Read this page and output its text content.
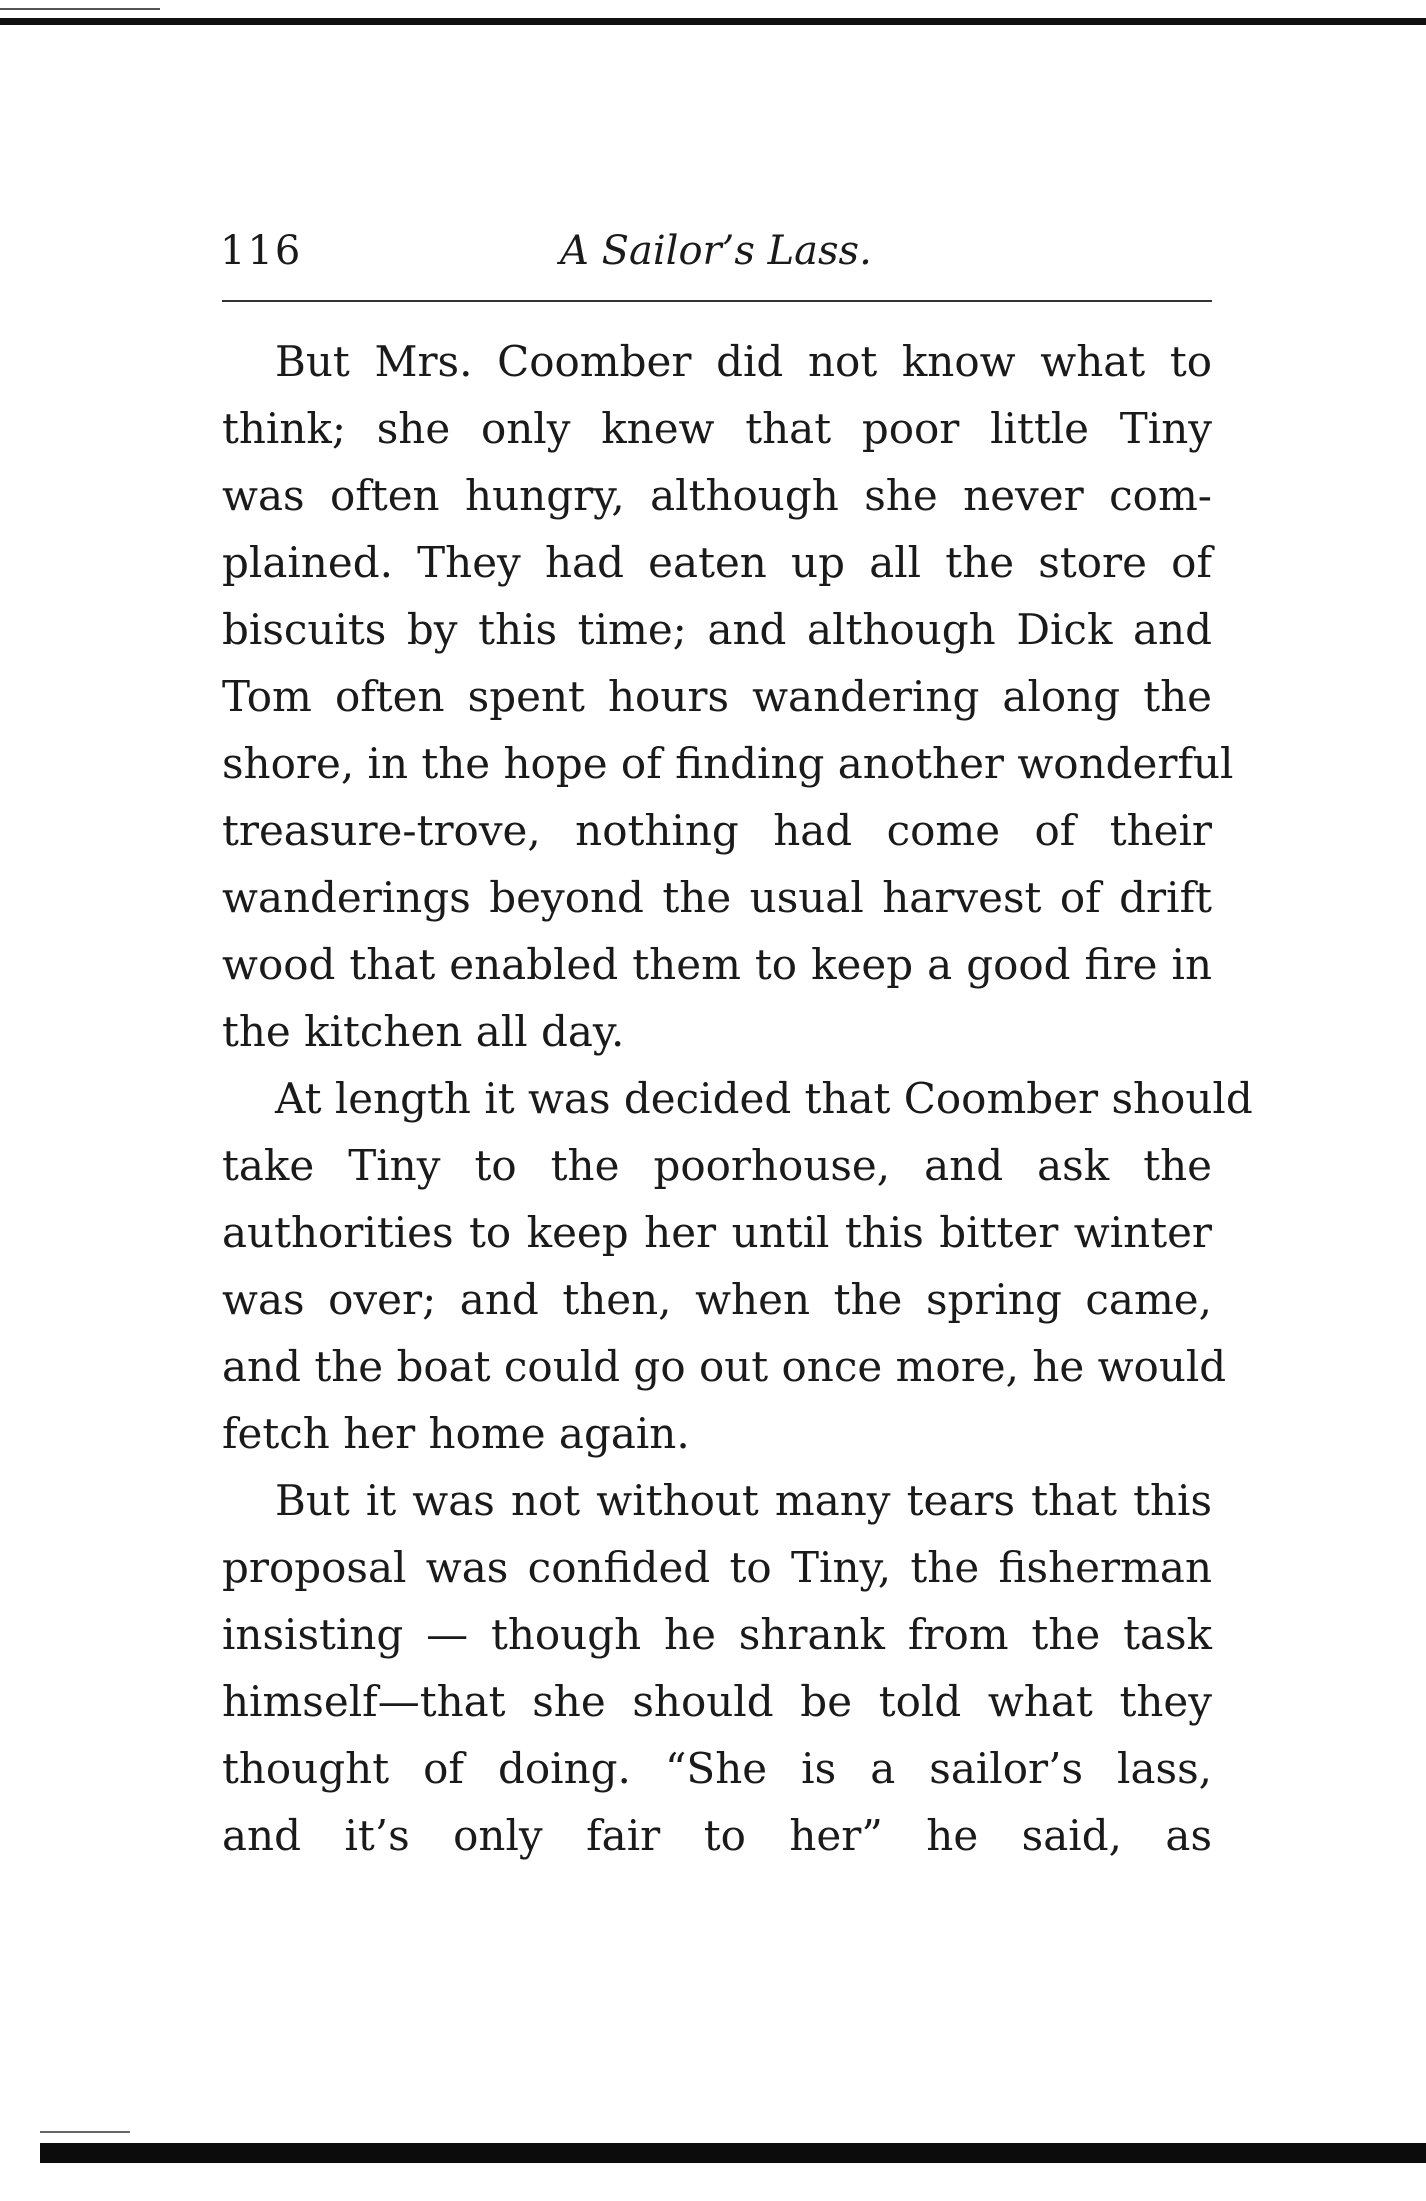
116	A Sailor’s Lass.
But Mrs. Coomber did not know what to
think; she only knew that poor little Tiny
was often hungry, although she never com-
plained. They had eaten up all the store of
biscuits by this time; and although Dick and
Tom often spent hours wandering along the
shore, in the hope of finding another wonderful
treasure-trove, nothing had come of their
wanderings beyond the usual harvest of drift
wood that enabled them to keep a good fire in
the kitchen all day.
At length it was decided that Coomber should
take Tiny to the poorhouse, and ask the
authorities to keep her until this bitter winter
was over; and then, when the spring came,
and the boat could go out once more, he would
fetch her home again.
But it was not without many tears that this
proposal was confided to Tiny, the fisherman
insisting — though he shrank from the task
himself—that she should be told what they
thought of doing. “She is a sailor’s lass,
and it’s only fair to her” he said, as
